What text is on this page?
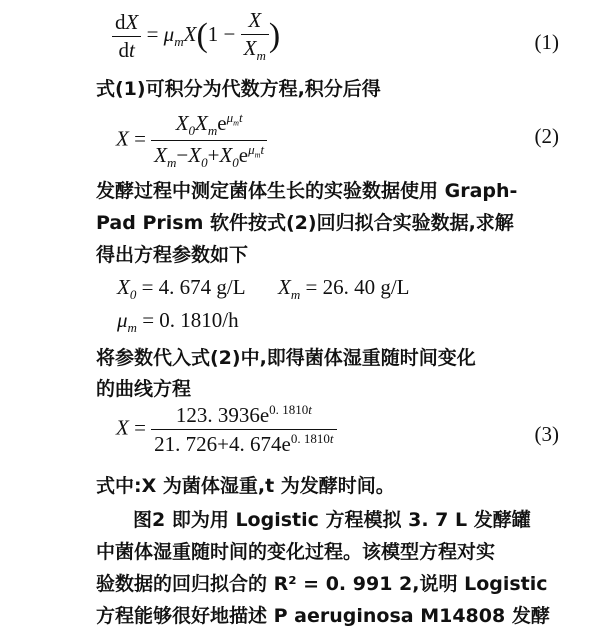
$\frac{dX}{dt} = \mu_mX(1 - \frac{X}{X_m}$ )	(1)
式(1)可积分为代数方程,积分后得
$X = \frac{X_0X_me^{\mu_mt}}{X_m-X_0+X_0e^{\mu_mt}}$	(2)
发酵过程中测定菌体生长的实验数据使用 Graph-
Pad Prism 软件按式(2)回归拟合实验数据,求解
得出方程参数如下
$X_0 = 4$. 674 g/L $X_m = 26$. 40 g/L
$\mu_m = 0$. 1810/h
将参数代入式(2)中,即得菌体湿重随时间变化
的曲线方程
$X = \frac{123. 3936e^{0. 1810t}}{21. 726+4. 674e^{0. 1810t}}$	(3)
式中:X 为菌体湿重,t 为发酵时间。
图2 即为用 Logistic 方程模拟 3. 7 L 发酵罐
中菌体湿重随时间的变化过程。该模型方程对实
验数据的回归拟合的 R² = 0. 991 2,说明 Logistic
方程能够很好地描述 P aeruginosa M14808 发酵
